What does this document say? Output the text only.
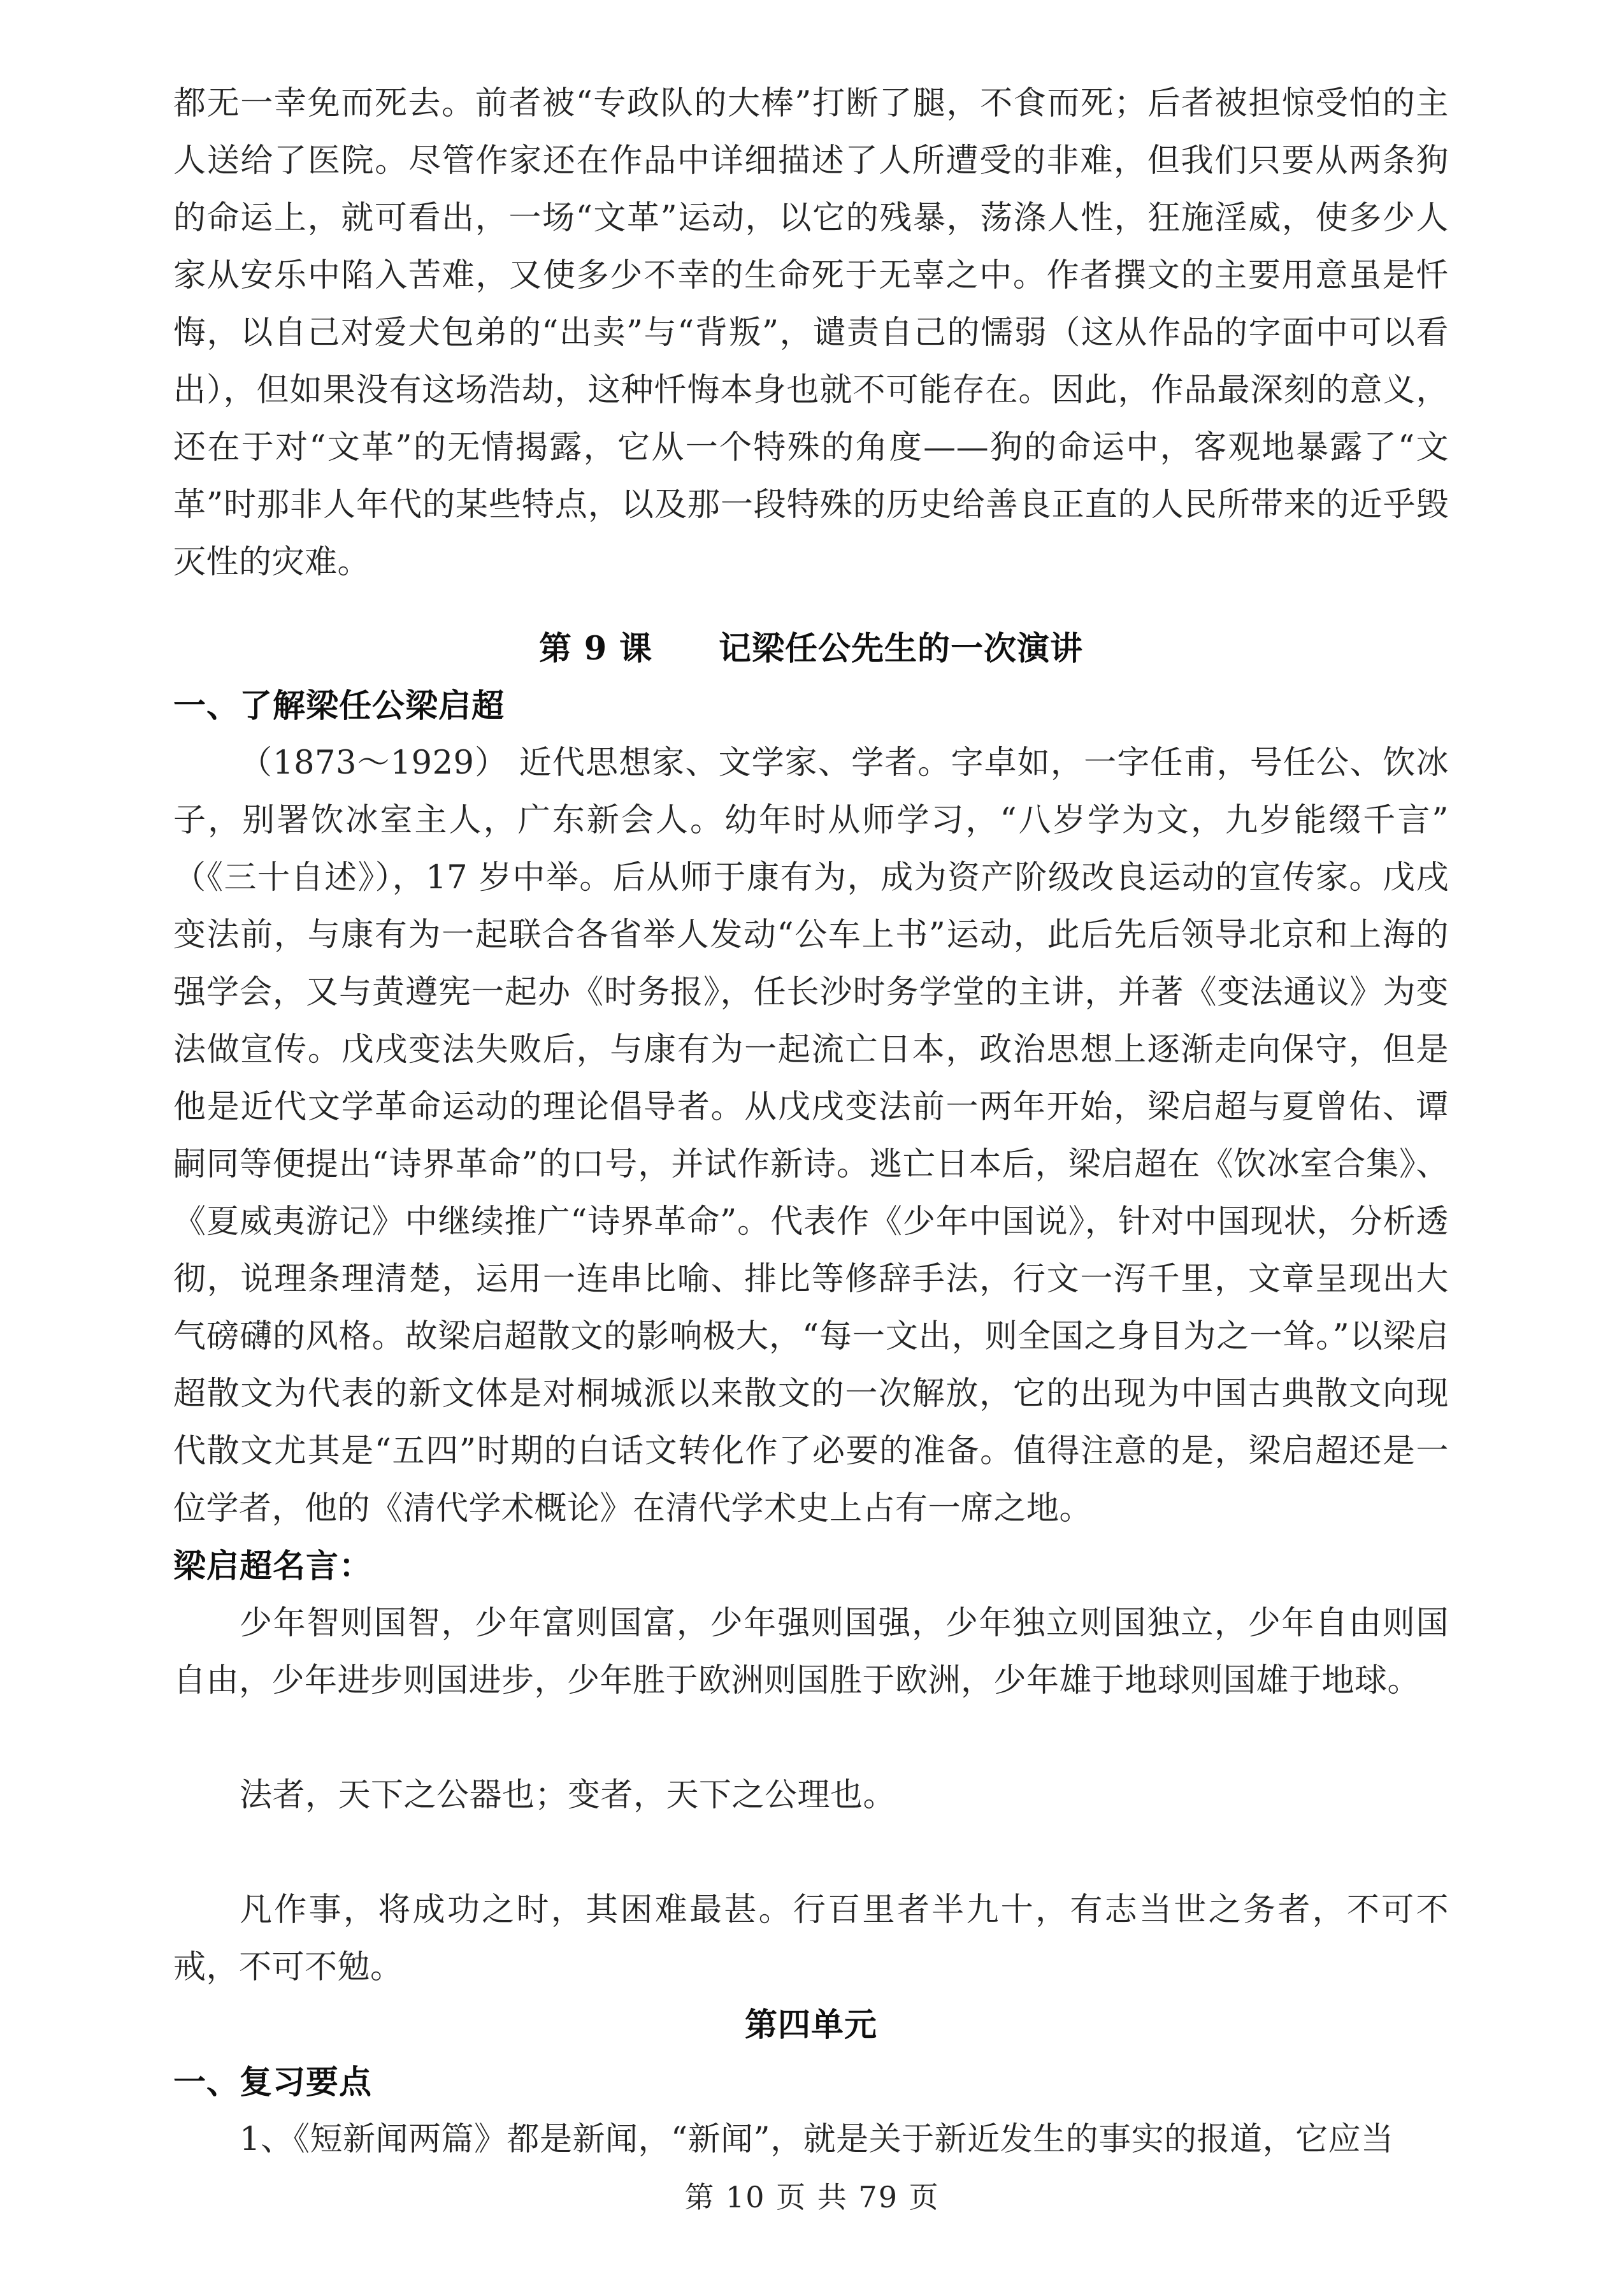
都无一幸免而死去。前者被“专政队的大棒”打断了腿，不食而死；后者被担惊受怕的主人送给了医院。尽管作家还在作品中详细描述了人所遭受的非难，但我们只要从两条狗的命运上，就可看出，一场“文革”运动，以它的残暴，荡涤人性，狂施淫威，使多少人家从安乐中陷入苦难，又使多少不幸的生命死于无辜之中。作者撰文的主要用意虽是忏悔，以自己对爱犬包弟的“出卖”与“背叛”，谴责自己的懦弱（这从作品的字面中可以看出），但如果没有这场浩劫，这种忏悔本身也就不可能存在。因此，作品最深刻的意义，还在于对“文革”的无情揭露，它从一个特殊的角度——狗的命运中，客观地暴露了“文革”时那非人年代的某些特点，以及那一段特殊的历史给善良正直的人民所带来的近乎毁灭性的灾难。

第 9 课　　记梁任公先生的一次演讲

一、了解梁任公梁启超

（1873～1929） 近代思想家、文学家、学者。字卓如，一字任甫，号任公、饮冰子，别署饮冰室主人，广东新会人。幼年时从师学习，“八岁学为文，九岁能缀千言”（《三十自述》），17 岁中举。后从师于康有为，成为资产阶级改良运动的宣传家。戊戌变法前，与康有为一起联合各省举人发动“公车上书”运动，此后先后领导北京和上海的强学会，又与黄遵宪一起办《时务报》，任长沙时务学堂的主讲，并著《变法通议》为变法做宣传。戊戌变法失败后，与康有为一起流亡日本，政治思想上逐渐走向保守，但是他是近代文学革命运动的理论倡导者。从戊戌变法前一两年开始，梁启超与夏曾佑、谭嗣同等便提出“诗界革命”的口号，并试作新诗。逃亡日本后，梁启超在《饮冰室合集》、《夏威夷游记》中继续推广“诗界革命”。代表作《少年中国说》，针对中国现状，分析透彻，说理条理清楚，运用一连串比喻、排比等修辞手法，行文一泻千里，文章呈现出大气磅礴的风格。故梁启超散文的影响极大，“每一文出，则全国之身目为之一耸。”以梁启超散文为代表的新文体是对桐城派以来散文的一次解放，它的出现为中国古典散文向现代散文尤其是“五四”时期的白话文转化作了必要的准备。值得注意的是，梁启超还是一位学者，他的《清代学术概论》在清代学术史上占有一席之地。

梁启超名言：

少年智则国智，少年富则国富，少年强则国强，少年独立则国独立，少年自由则国自由，少年进步则国进步，少年胜于欧洲则国胜于欧洲，少年雄于地球则国雄于地球。

法者，天下之公器也；变者，天下之公理也。

凡作事，将成功之时，其困难最甚。行百里者半九十，有志当世之务者，不可不戒，不可不勉。

第四单元

一、复习要点

1、《短新闻两篇》都是新闻，“新闻”，就是关于新近发生的事实的报道，它应当

第 10 页 共 79 页
